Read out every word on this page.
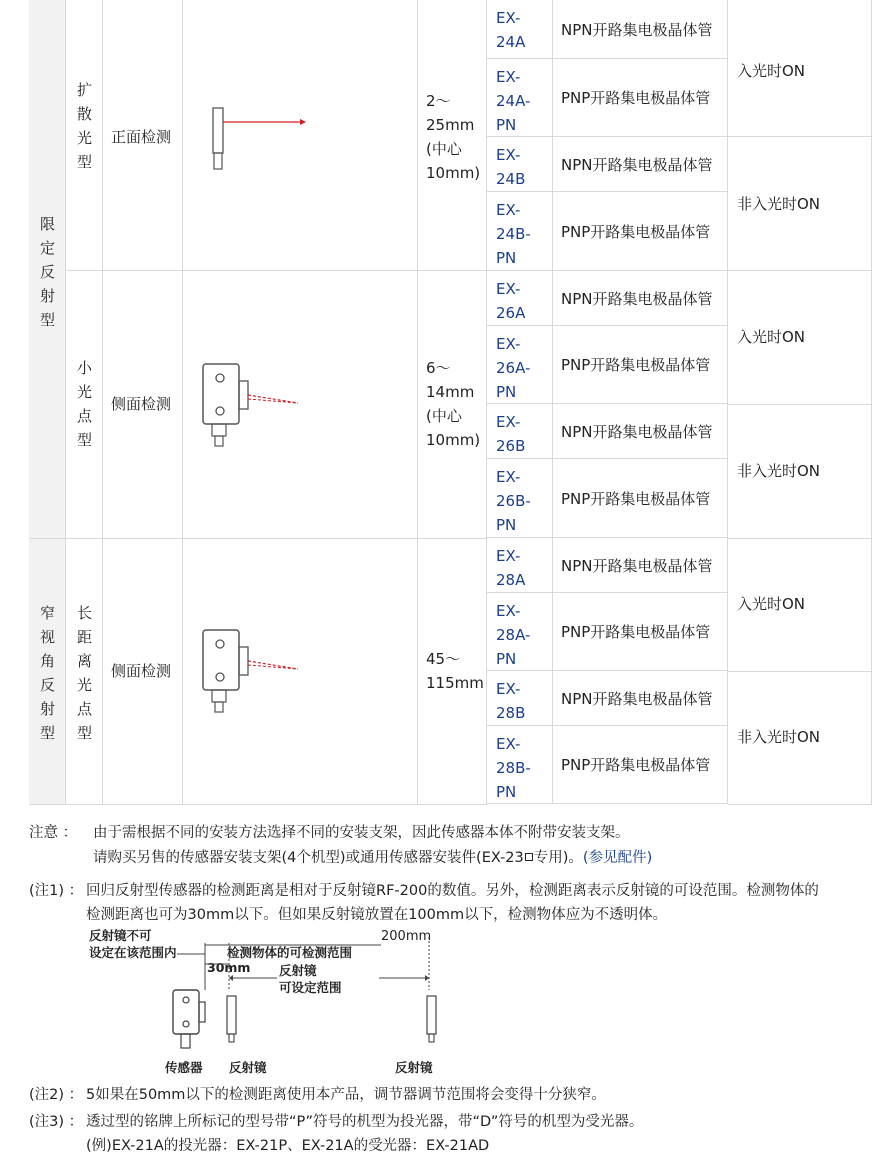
限
定
反
射
型
窄
视
角
反
射
型
扩
散
光
型
小
光
点
型
长
距
离
光
点
型
正面检测
侧面检测
侧面检测
2～
25mm
(中心
10mm)
6～
14mm
(中心
10mm)
45～
115mm
EX-
24A
NPN开路集电极晶体管
EX-
24A-
PN
PNP开路集电极晶体管
EX-
24B
NPN开路集电极晶体管
EX-
24B-
PN
PNP开路集电极晶体管
EX-
26A
NPN开路集电极晶体管
EX-
26A-
PN
PNP开路集电极晶体管
EX-
26B
NPN开路集电极晶体管
EX-
26B-
PN
PNP开路集电极晶体管
EX-
28A
NPN开路集电极晶体管
EX-
28A-
PN
PNP开路集电极晶体管
EX-
28B
NPN开路集电极晶体管
EX-
28B-
PN
PNP开路集电极晶体管
入光时ON
非入光时ON
入光时ON
非入光时ON
入光时ON
非入光时ON
注意 ： 由于需根据不同的安装方法选择不同的安装支架，因此传感器本体不附带安装支架。
请购买另售的传感器安装支架(4个机型)或通用传感器安装件(EX-23 专用)。(参见配件)
(注1) ： 回归反射型传感器的检测距离是相对于反射镜RF-200的数值。另外，检测距离表示反射镜的可设范围。检测物体的
检测距离也可为30mm以下。但如果反射镜放置在100mm以下，检测物体应为不透明体。
反射镜不可
设定在该范围内	检测物体的可检测范围
30mm 反射镜
可设定范围
传感器 反射镜	反射镜
200mm
(注2) ： 5如果在50mm以下的检测距离使用本产品，调节器调节范围将会变得十分狭窄。
(注3) ： 透过型的铭牌上所标记的型号带“P”符号的机型为投光器，带“D”符号的机型为受光器。
(例)EX-21A的投光器：EX-21P、EX-21A的受光器：EX-21AD
